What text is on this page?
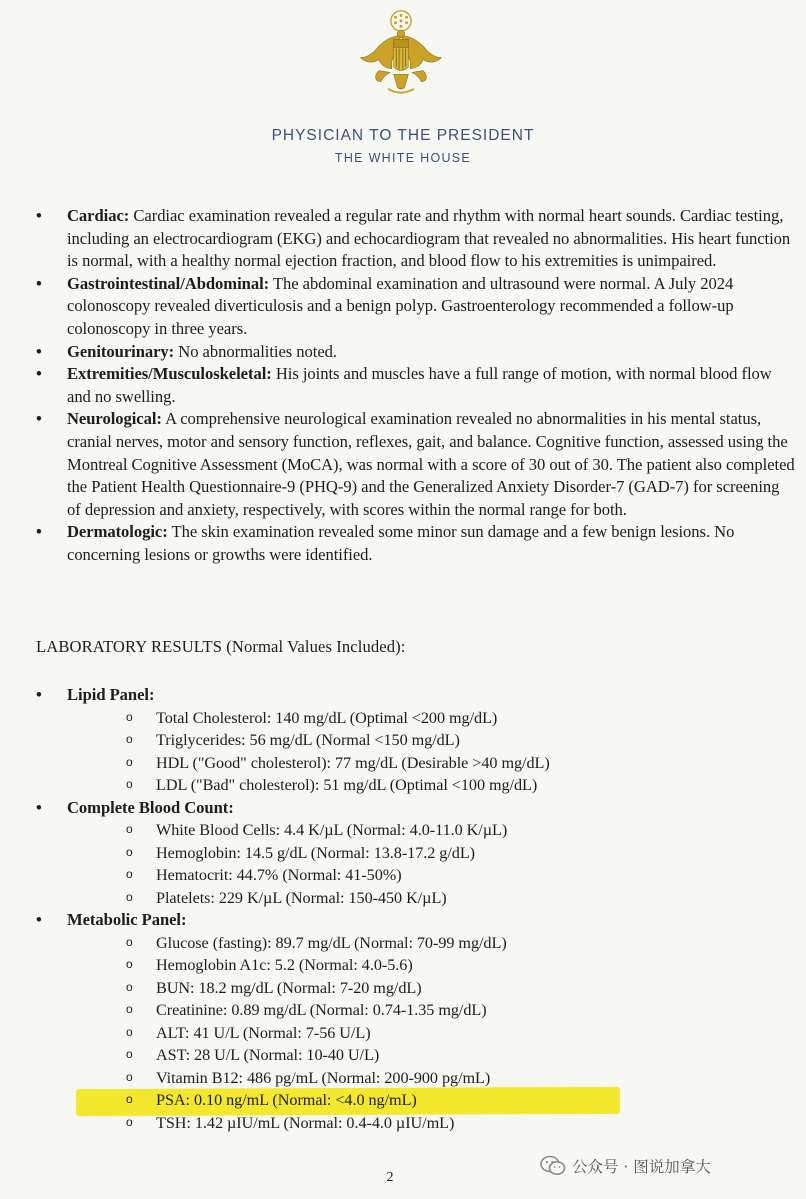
PHYSICIAN TO THE PRESIDENT
THE WHITE HOUSE
• Cardiac: Cardiac examination revealed a regular rate and rhythm with normal heart sounds. Cardiac testing, including an electrocardiogram (EKG) and echocardiogram that revealed no abnormalities. His heart function is normal, with a healthy normal ejection fraction, and blood flow to his extremities is unimpaired.
• Gastrointestinal/Abdominal: The abdominal examination and ultrasound were normal. A July 2024 colonoscopy revealed diverticulosis and a benign polyp. Gastroenterology recommended a follow-up colonoscopy in three years.
• Genitourinary: No abnormalities noted.
• Extremities/Musculoskeletal: His joints and muscles have a full range of motion, with normal blood flow and no swelling.
• Neurological: A comprehensive neurological examination revealed no abnormalities in his mental status, cranial nerves, motor and sensory function, reflexes, gait, and balance. Cognitive function, assessed using the Montreal Cognitive Assessment (MoCA), was normal with a score of 30 out of 30. The patient also completed the Patient Health Questionnaire-9 (PHQ-9) and the Generalized Anxiety Disorder-7 (GAD-7) for screening of depression and anxiety, respectively, with scores within the normal range for both.
• Dermatologic: The skin examination revealed some minor sun damage and a few benign lesions. No concerning lesions or growths were identified.
LABORATORY RESULTS (Normal Values Included):
• Lipid Panel:
o Total Cholesterol: 140 mg/dL (Optimal <200 mg/dL)
o Triglycerides: 56 mg/dL (Normal <150 mg/dL)
o HDL ("Good" cholesterol): 77 mg/dL (Desirable >40 mg/dL)
o LDL ("Bad" cholesterol): 51 mg/dL (Optimal <100 mg/dL)
• Complete Blood Count:
o White Blood Cells: 4.4 K/µL (Normal: 4.0-11.0 K/µL)
o Hemoglobin: 14.5 g/dL (Normal: 13.8-17.2 g/dL)
o Hematocrit: 44.7% (Normal: 41-50%)
o Platelets: 229 K/µL (Normal: 150-450 K/µL)
• Metabolic Panel:
o Glucose (fasting): 89.7 mg/dL (Normal: 70-99 mg/dL)
o Hemoglobin A1c: 5.2 (Normal: 4.0-5.6)
o BUN: 18.2 mg/dL (Normal: 7-20 mg/dL)
o Creatinine: 0.89 mg/dL (Normal: 0.74-1.35 mg/dL)
o ALT: 41 U/L (Normal: 7-56 U/L)
o AST: 28 U/L (Normal: 10-40 U/L)
o Vitamin B12: 486 pg/mL (Normal: 200-900 pg/mL)
o PSA: 0.10 ng/mL (Normal: <4.0 ng/mL)
o TSH: 1.42 µIU/mL (Normal: 0.4-4.0 µIU/mL)
2
公众号 · 图说加拿大
